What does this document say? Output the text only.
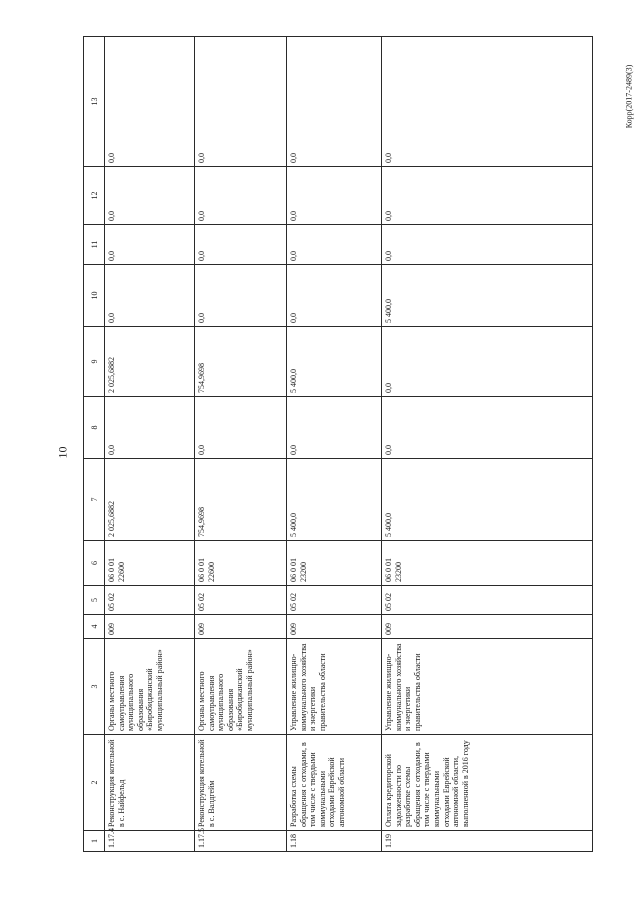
10
Корр(2017-2489(3)
1	2	3	4	5	6	7	8	9	10	11	12	13
1.17.4	Реконструкция котельной в с. Найфельд	Органы местного самоуправления муниципального образования «Биробиджанский муниципальный район»	009	05 02	06 0 01 22600	2 025,6882	0,0	2 025,6882	0,0	0,0	0,0	0,0
1.17.5	Реконструкция котельной в с. Валдгейм	Органы местного самоуправления муниципального образования «Биробиджанский муниципальный район»	009	05 02	06 0 01 22600	754,9698	0,0	754,9698	0,0	0,0	0,0	0,0
1.18	Разработка схемы обращения с отходами, в том числе с твердыми коммунальными отходами Еврейской автономной области	Управление жилищно-коммунального хозяйства и энергетики правительства области	009	05 02	06 0 01 23200	5 400,0	0,0	5 400,0	0,0	0,0	0,0	0,0
1.19	Оплата кредиторской задолженности по разработке схемы обращения с отходами, в том числе с твердыми коммунальными отходами Еврейской автономной области, выполненной в 2016 году	Управление жилищно-коммунального хозяйства и энергетики правительства области	009	05 02	06 0 01 23200	5 400,0	0,0	0,0	5 400,0	0,0	0,0	0,0
